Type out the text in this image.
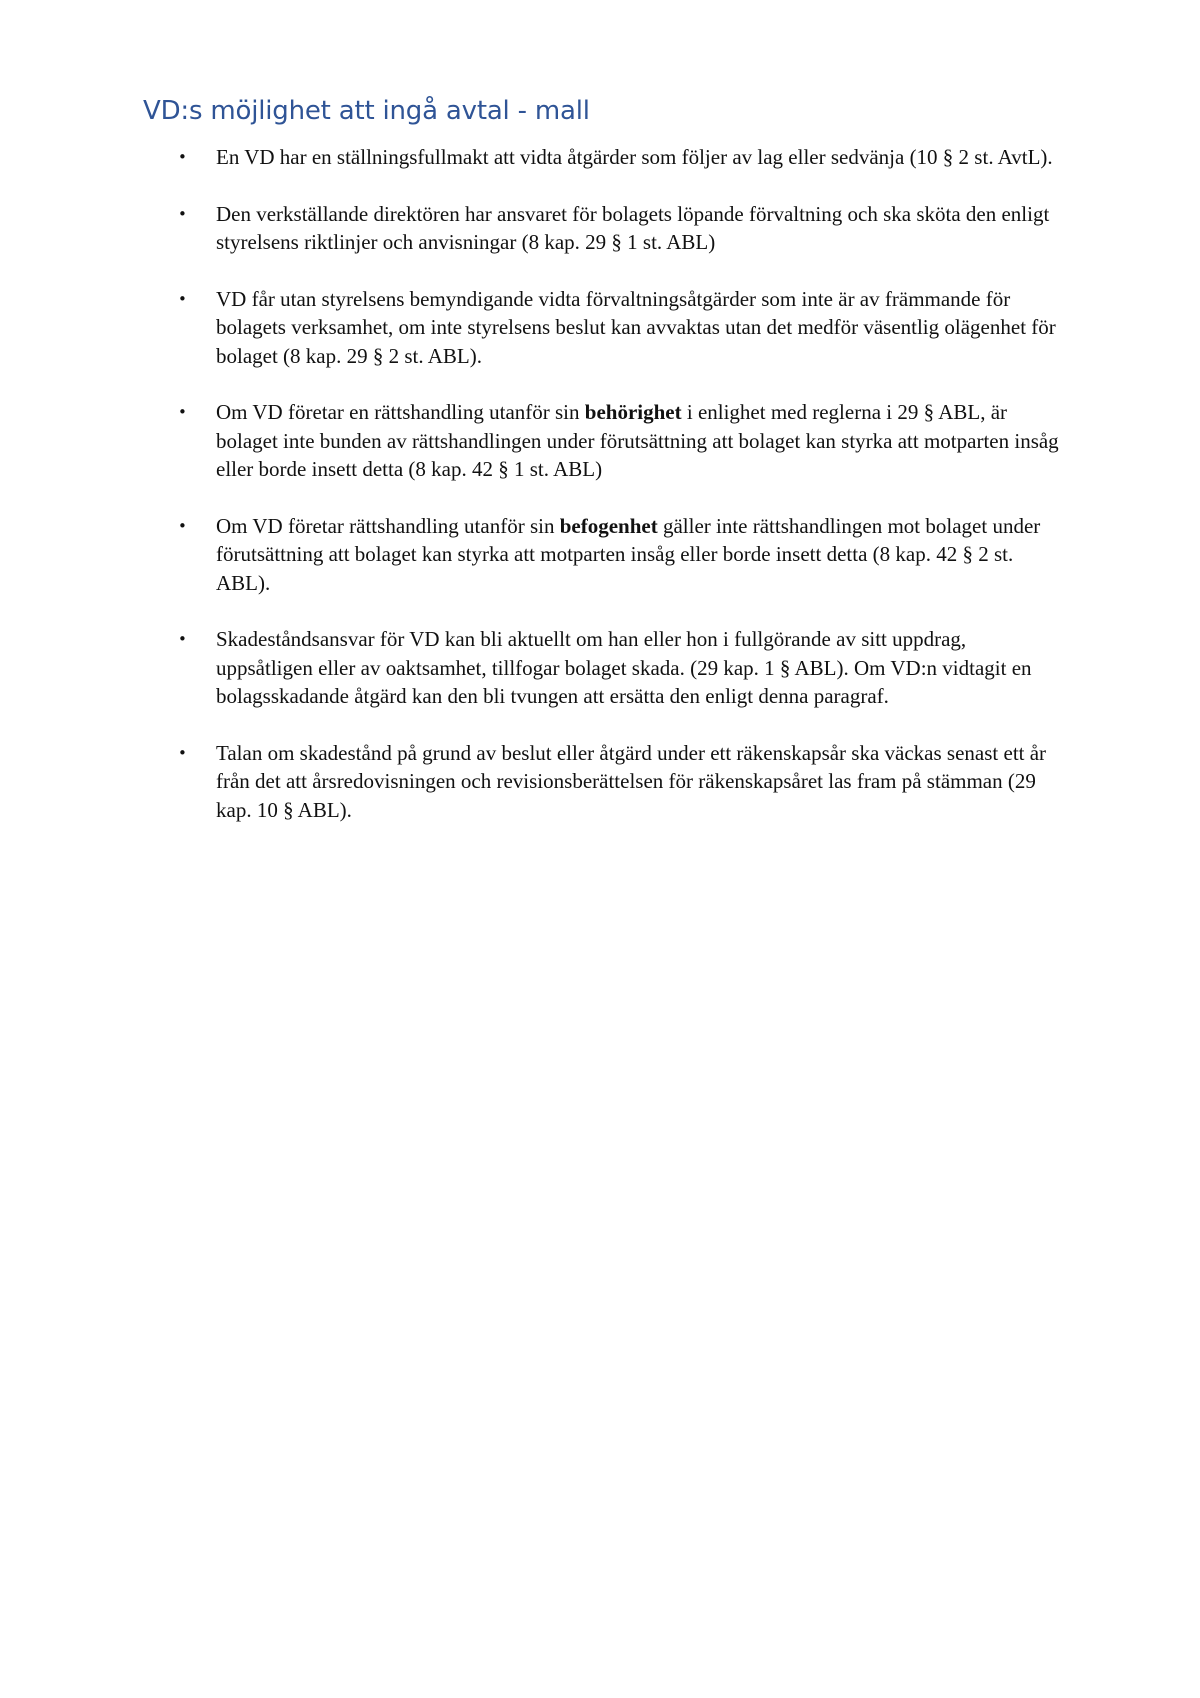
VD:s möjlighet att ingå avtal - mall
•	En VD har en ställningsfullmakt att vidta åtgärder som följer av lag eller sedvänja (10 § 2 st. AvtL).
•	Den verkställande direktören har ansvaret för bolagets löpande förvaltning och ska sköta den enligt styrelsens riktlinjer och anvisningar (8 kap. 29 § 1 st. ABL)
•	VD får utan styrelsens bemyndigande vidta förvaltningsåtgärder som inte är av främmande för bolagets verksamhet, om inte styrelsens beslut kan avvaktas utan det medför väsentlig olägenhet för bolaget (8 kap. 29 § 2 st. ABL).
•	Om VD företar en rättshandling utanför sin behörighet i enlighet med reglerna i 29 § ABL, är bolaget inte bunden av rättshandlingen under förutsättning att bolaget kan styrka att motparten insåg eller borde insett detta (8 kap. 42 § 1 st. ABL)
•	Om VD företar rättshandling utanför sin befogenhet gäller inte rättshandlingen mot bolaget under förutsättning att bolaget kan styrka att motparten insåg eller borde insett detta (8 kap. 42 § 2 st. ABL).
•	Skadeståndsansvar för VD kan bli aktuellt om han eller hon i fullgörande av sitt uppdrag, uppsåtligen eller av oaktsamhet, tillfogar bolaget skada. (29 kap. 1 § ABL). Om VD:n vidtagit en bolagsskadande åtgärd kan den bli tvungen att ersätta den enligt denna paragraf.
•	Talan om skadestånd på grund av beslut eller åtgärd under ett räkenskapsår ska väckas senast ett år från det att årsredovisningen och revisionsberättelsen för räkenskapsåret las fram på stämman (29 kap. 10 § ABL).
